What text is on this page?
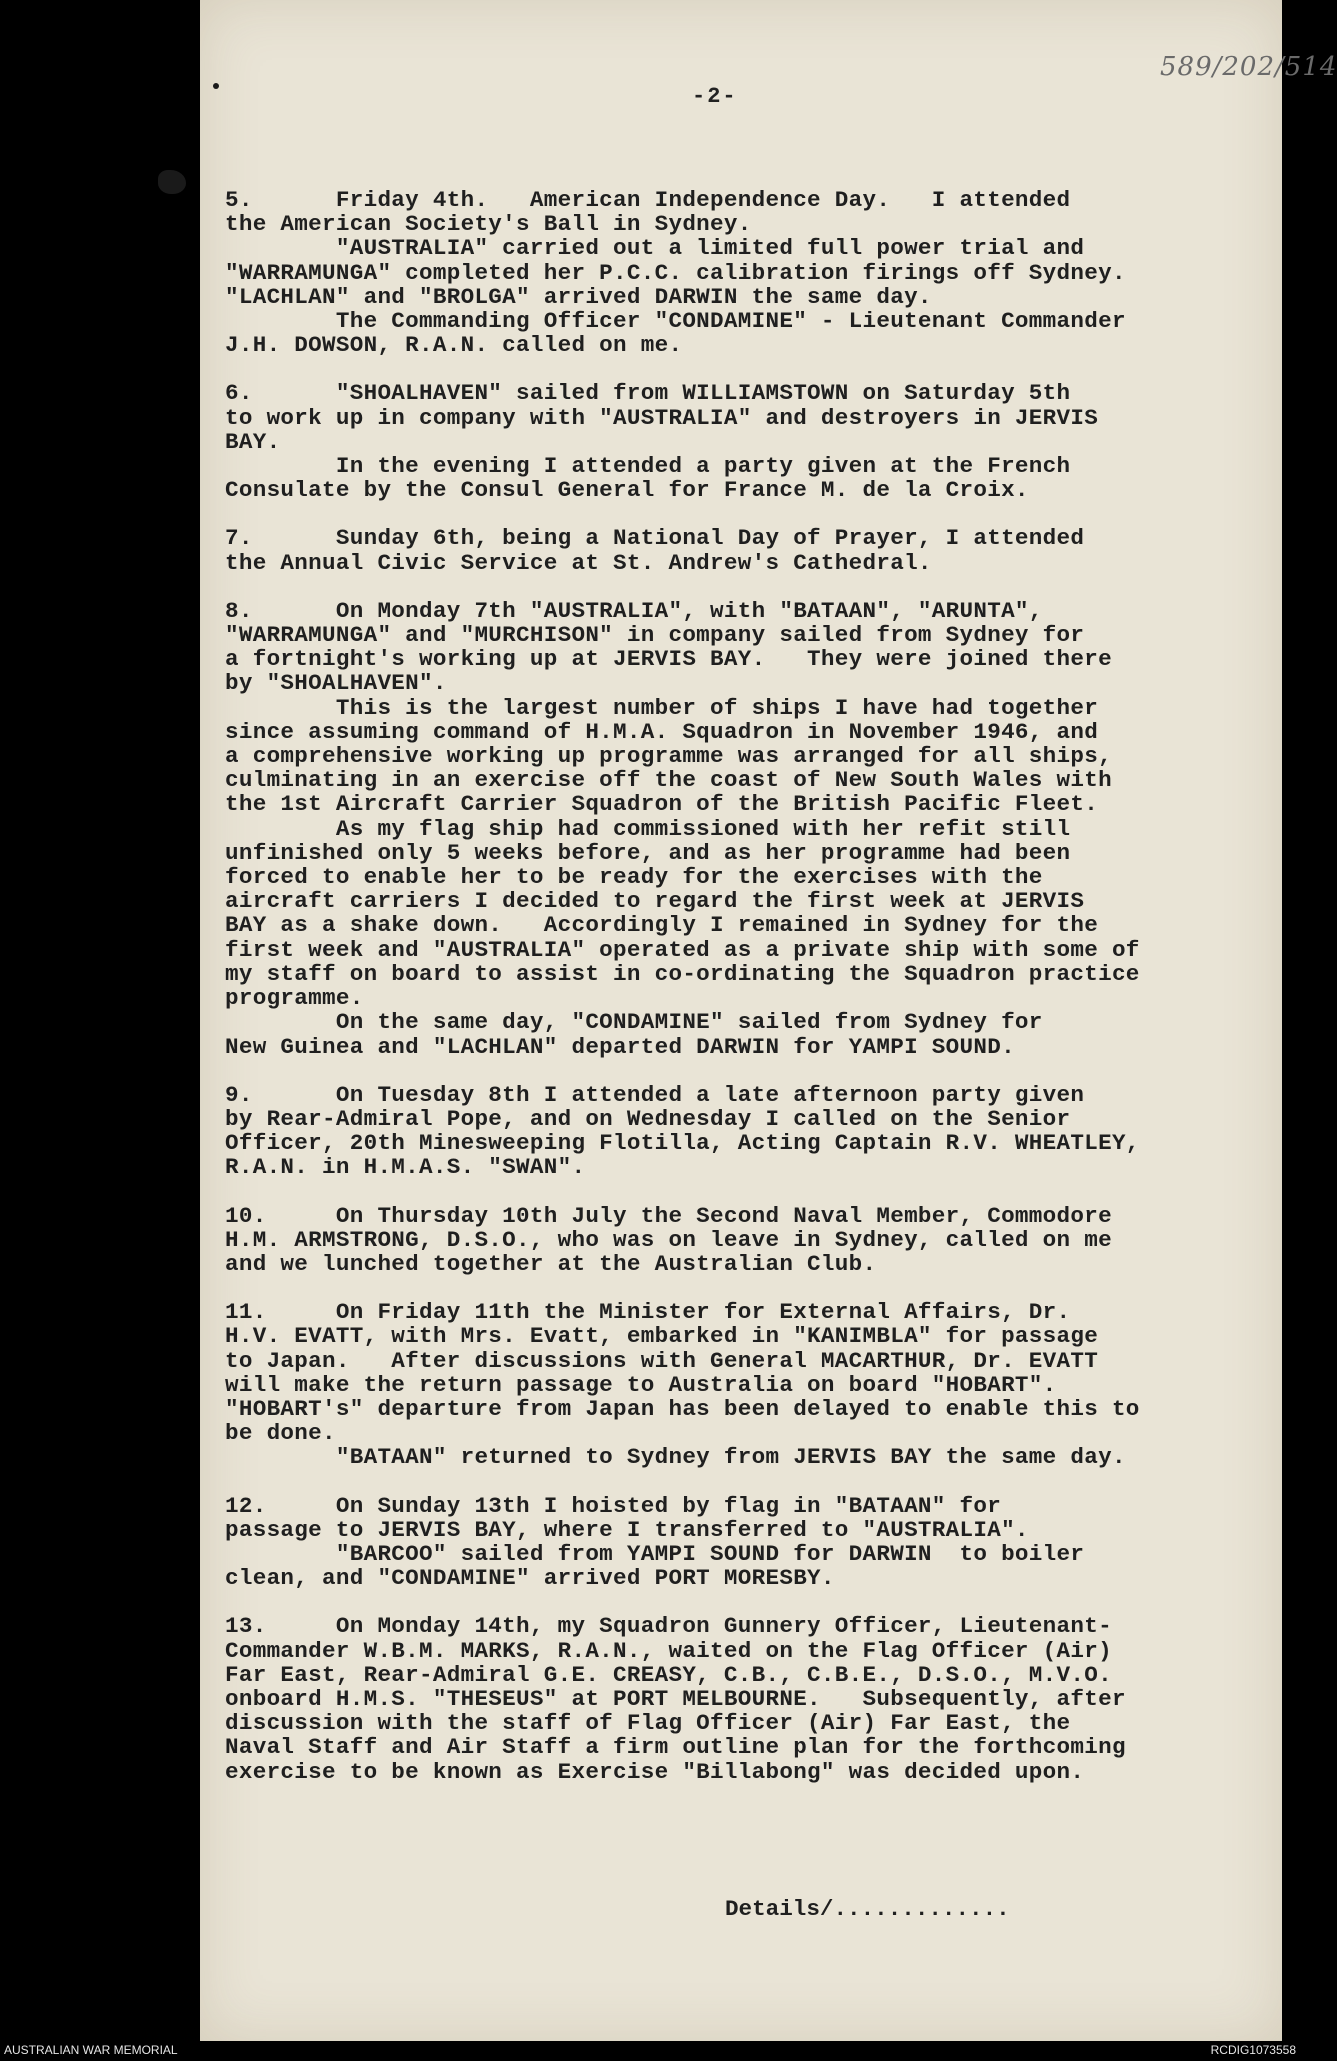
589/202/514
-2-
5.      Friday 4th.   American Independence Day.   I attended
the American Society's Ball in Sydney.
"AUSTRALIA" carried out a limited full power trial and
"WARRAMUNGA" completed her P.C.C. calibration firings off Sydney.
"LACHLAN" and "BROLGA" arrived DARWIN the same day.
The Commanding Officer "CONDAMINE" - Lieutenant Commander
J.H. DOWSON, R.A.N. called on me.
6.      "SHOALHAVEN" sailed from WILLIAMSTOWN on Saturday 5th
to work up in company with "AUSTRALIA" and destroyers in JERVIS
BAY.
In the evening I attended a party given at the French
Consulate by the Consul General for France M. de la Croix.
7.      Sunday 6th, being a National Day of Prayer, I attended
the Annual Civic Service at St. Andrew's Cathedral.
8.      On Monday 7th "AUSTRALIA", with "BATAAN", "ARUNTA",
"WARRAMUNGA" and "MURCHISON" in company sailed from Sydney for
a fortnight's working up at JERVIS BAY.   They were joined there
by "SHOALHAVEN".
This is the largest number of ships I have had together
since assuming command of H.M.A. Squadron in November 1946, and
a comprehensive working up programme was arranged for all ships,
culminating in an exercise off the coast of New South Wales with
the 1st Aircraft Carrier Squadron of the British Pacific Fleet.
As my flag ship had commissioned with her refit still
unfinished only 5 weeks before, and as her programme had been
forced to enable her to be ready for the exercises with the
aircraft carriers I decided to regard the first week at JERVIS
BAY as a shake down.   Accordingly I remained in Sydney for the
first week and "AUSTRALIA" operated as a private ship with some of
my staff on board to assist in co-ordinating the Squadron practice
programme.
On the same day, "CONDAMINE" sailed from Sydney for
New Guinea and "LACHLAN" departed DARWIN for YAMPI SOUND.
9.      On Tuesday 8th I attended a late afternoon party given
by Rear-Admiral Pope, and on Wednesday I called on the Senior
Officer, 20th Minesweeping Flotilla, Acting Captain R.V. WHEATLEY,
R.A.N. in H.M.A.S. "SWAN".
10.     On Thursday 10th July the Second Naval Member, Commodore
H.M. ARMSTRONG, D.S.O., who was on leave in Sydney, called on me
and we lunched together at the Australian Club.
11.     On Friday 11th the Minister for External Affairs, Dr.
H.V. EVATT, with Mrs. Evatt, embarked in "KANIMBLA" for passage
to Japan.   After discussions with General MACARTHUR, Dr. EVATT
will make the return passage to Australia on board "HOBART".
"HOBART's" departure from Japan has been delayed to enable this to
be done.
"BATAAN" returned to Sydney from JERVIS BAY the same day.
12.     On Sunday 13th I hoisted by flag in "BATAAN" for
passage to JERVIS BAY, where I transferred to "AUSTRALIA".
"BARCOO" sailed from YAMPI SOUND for DARWIN  to boiler
clean, and "CONDAMINE" arrived PORT MORESBY.
13.     On Monday 14th, my Squadron Gunnery Officer, Lieutenant-
Commander W.B.M. MARKS, R.A.N., waited on the Flag Officer (Air)
Far East, Rear-Admiral G.E. CREASY, C.B., C.B.E., D.S.O., M.V.O.
onboard H.M.S. "THESEUS" at PORT MELBOURNE.   Subsequently, after
discussion with the staff of Flag Officer (Air) Far East, the
Naval Staff and Air Staff a firm outline plan for the forthcoming
exercise to be known as Exercise "Billabong" was decided upon.
Details/.............
AUSTRALIAN WAR MEMORIAL	RCDIG1073558
